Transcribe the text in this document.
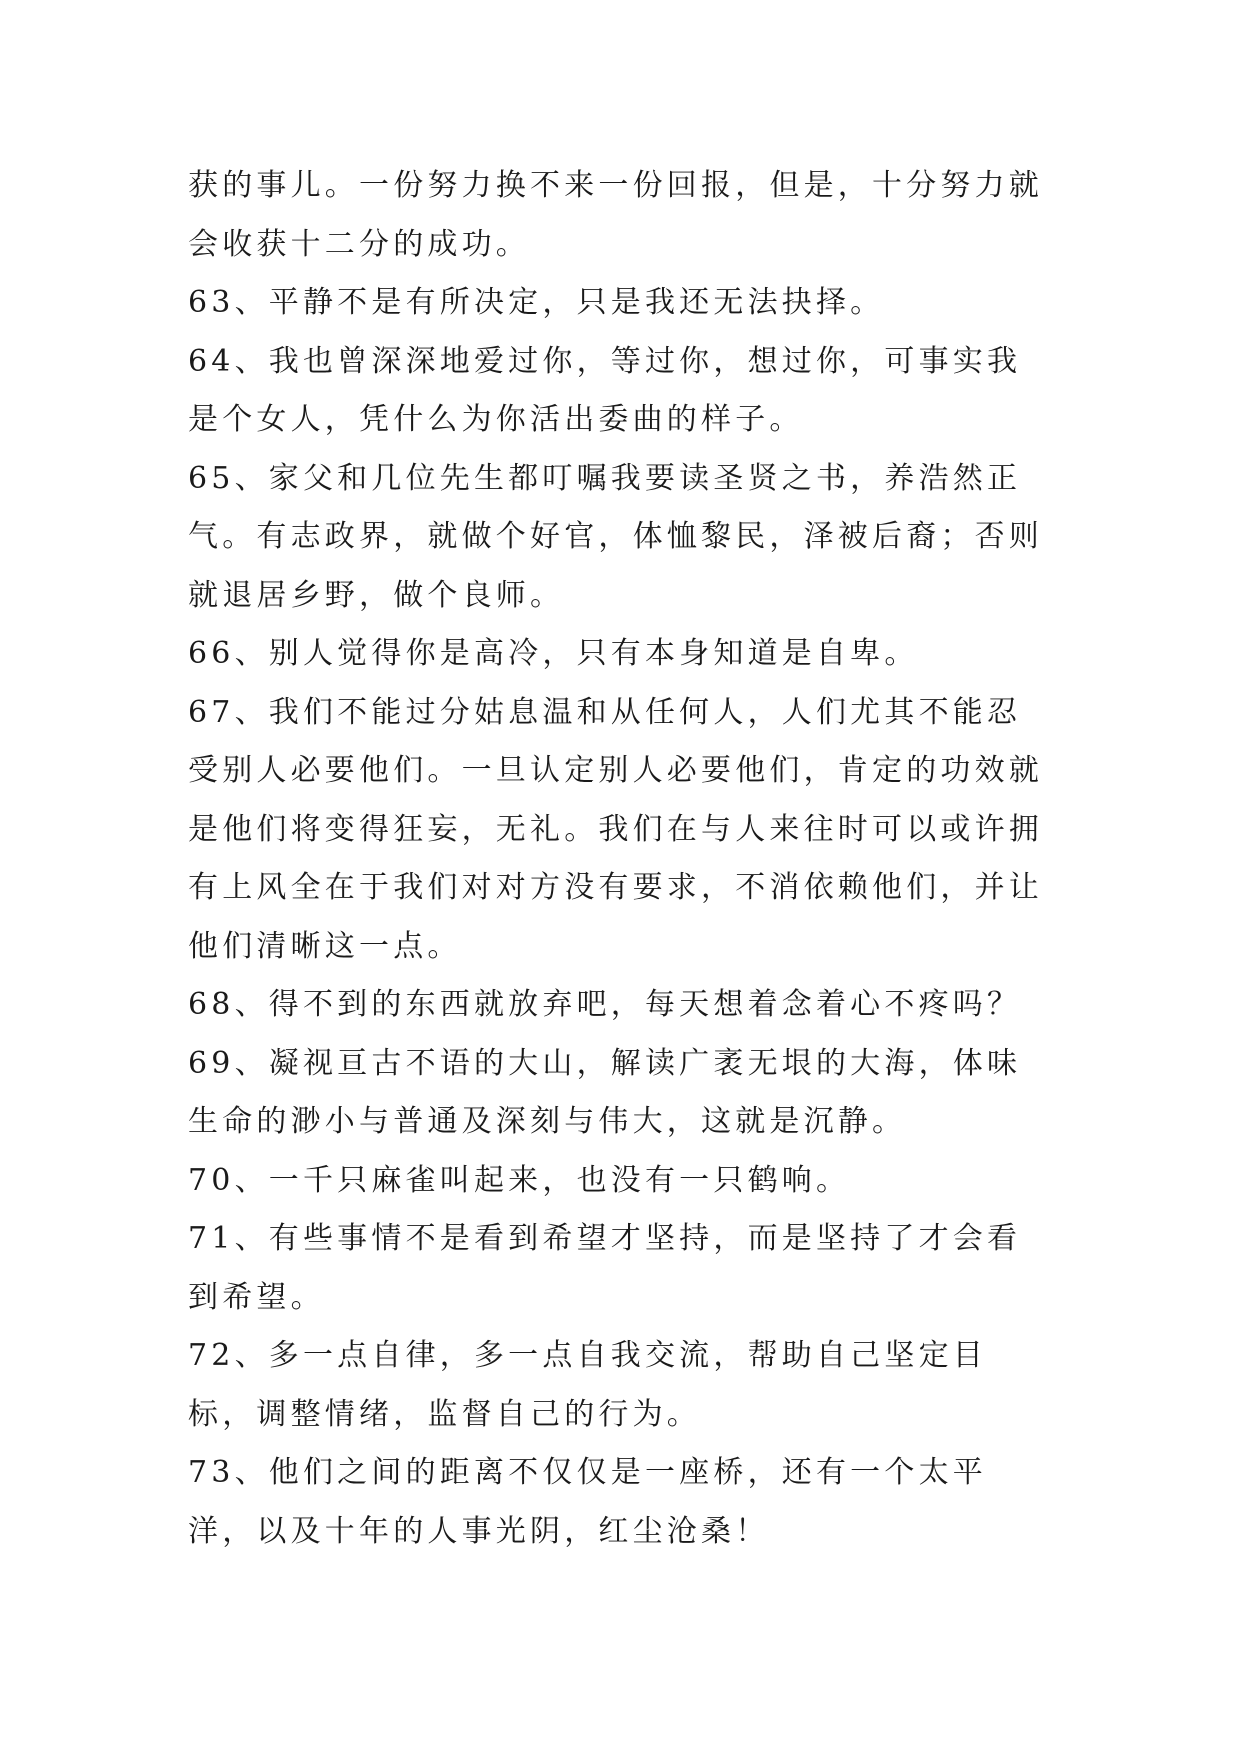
获的事儿。一份努力换不来一份回报，但是，十分努力就会收获十二分的成功。

63、平静不是有所决定，只是我还无法抉择。

64、我也曾深深地爱过你，等过你，想过你，可事实我是个女人，凭什么为你活出委曲的样子。

65、家父和几位先生都叮嘱我要读圣贤之书，养浩然正气。有志政界，就做个好官，体恤黎民，泽被后裔；否则就退居乡野，做个良师。

66、别人觉得你是高冷，只有本身知道是自卑。

67、我们不能过分姑息温和从任何人，人们尤其不能忍受别人必要他们。一旦认定别人必要他们，肯定的功效就是他们将变得狂妄，无礼。我们在与人来往时可以或许拥有上风全在于我们对对方没有要求，不消依赖他们，并让他们清晰这一点。

68、得不到的东西就放弃吧，每天想着念着心不疼吗？

69、凝视亘古不语的大山，解读广袤无垠的大海，体味生命的渺小与普通及深刻与伟大，这就是沉静。

70、一千只麻雀叫起来，也没有一只鹤响。

71、有些事情不是看到希望才坚持，而是坚持了才会看到希望。

72、多一点自律，多一点自我交流，帮助自己坚定目标，调整情绪，监督自己的行为。

73、他们之间的距离不仅仅是一座桥，还有一个太平洋，以及十年的人事光阴，红尘沧桑！
